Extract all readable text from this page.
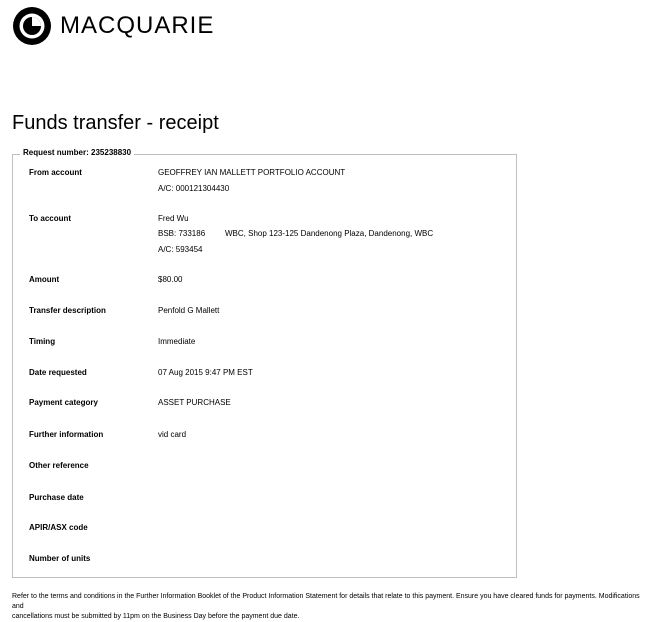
MACQUARIE
Funds transfer - receipt
Request number: 235238830
From account	GEOFFREY IAN MALLETT PORTFOLIO ACCOUNT
A/C: 000121304430
To account	Fred Wu
BSB: 733186 WBC, Shop 123-125 Dandenong Plaza, Dandenong, WBC
A/C: 593454
Amount	$80.00
Transfer description	Penfold G Mallett
Timing	Immediate
Date requested	07 Aug 2015 9:47 PM EST
Payment category	ASSET PURCHASE
Further information	vid card
Other reference
Purchase date
APIR/ASX code
Number of units
Refer to the terms and conditions in the Further Information Booklet of the Product Information Statement for details that relate to this payment. Ensure you have cleared funds for payments. Modifications and
cancellations must be submitted by 11pm on the Business Day before the payment due date.
